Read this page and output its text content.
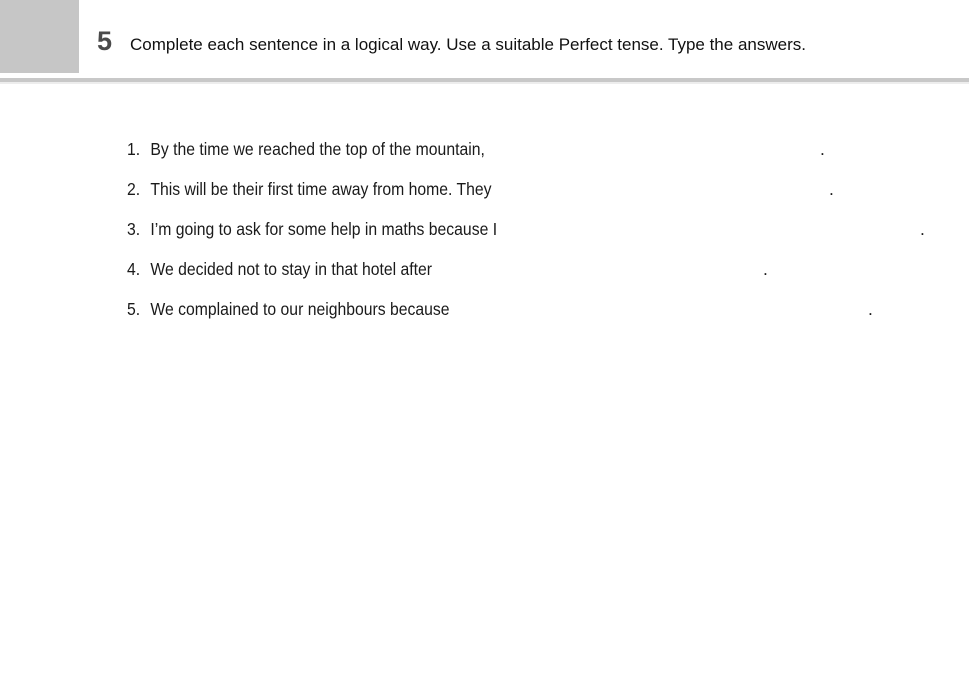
5 Complete each sentence in a logical way. Use a suitable Perfect tense. Type the answers.
1. By the time we reached the top of the mountain,	.
2. This will be their first time away from home. They	.
3. I’m going to ask for some help in maths because I	.
4. We decided not to stay in that hotel after	.
5. We complained to our neighbours because	.
